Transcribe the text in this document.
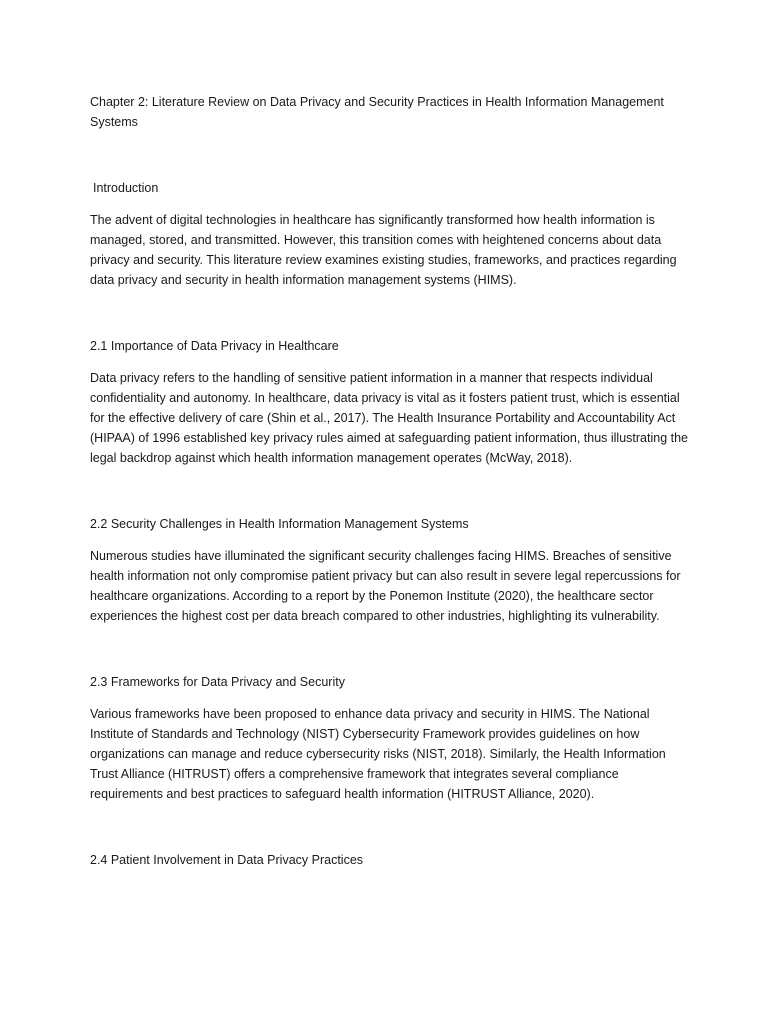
Chapter 2: Literature Review on Data Privacy and Security Practices in Health Information Management Systems

Introduction

The advent of digital technologies in healthcare has significantly transformed how health information is managed, stored, and transmitted. However, this transition comes with heightened concerns about data privacy and security. This literature review examines existing studies, frameworks, and practices regarding data privacy and security in health information management systems (HIMS).

2.1 Importance of Data Privacy in Healthcare

Data privacy refers to the handling of sensitive patient information in a manner that respects individual confidentiality and autonomy. In healthcare, data privacy is vital as it fosters patient trust, which is essential for the effective delivery of care (Shin et al., 2017). The Health Insurance Portability and Accountability Act (HIPAA) of 1996 established key privacy rules aimed at safeguarding patient information, thus illustrating the legal backdrop against which health information management operates (McWay, 2018).

2.2 Security Challenges in Health Information Management Systems

Numerous studies have illuminated the significant security challenges facing HIMS. Breaches of sensitive health information not only compromise patient privacy but can also result in severe legal repercussions for healthcare organizations. According to a report by the Ponemon Institute (2020), the healthcare sector experiences the highest cost per data breach compared to other industries, highlighting its vulnerability.

2.3 Frameworks for Data Privacy and Security

Various frameworks have been proposed to enhance data privacy and security in HIMS. The National Institute of Standards and Technology (NIST) Cybersecurity Framework provides guidelines on how organizations can manage and reduce cybersecurity risks (NIST, 2018). Similarly, the Health Information Trust Alliance (HITRUST) offers a comprehensive framework that integrates several compliance requirements and best practices to safeguard health information (HITRUST Alliance, 2020).

2.4 Patient Involvement in Data Privacy Practices
